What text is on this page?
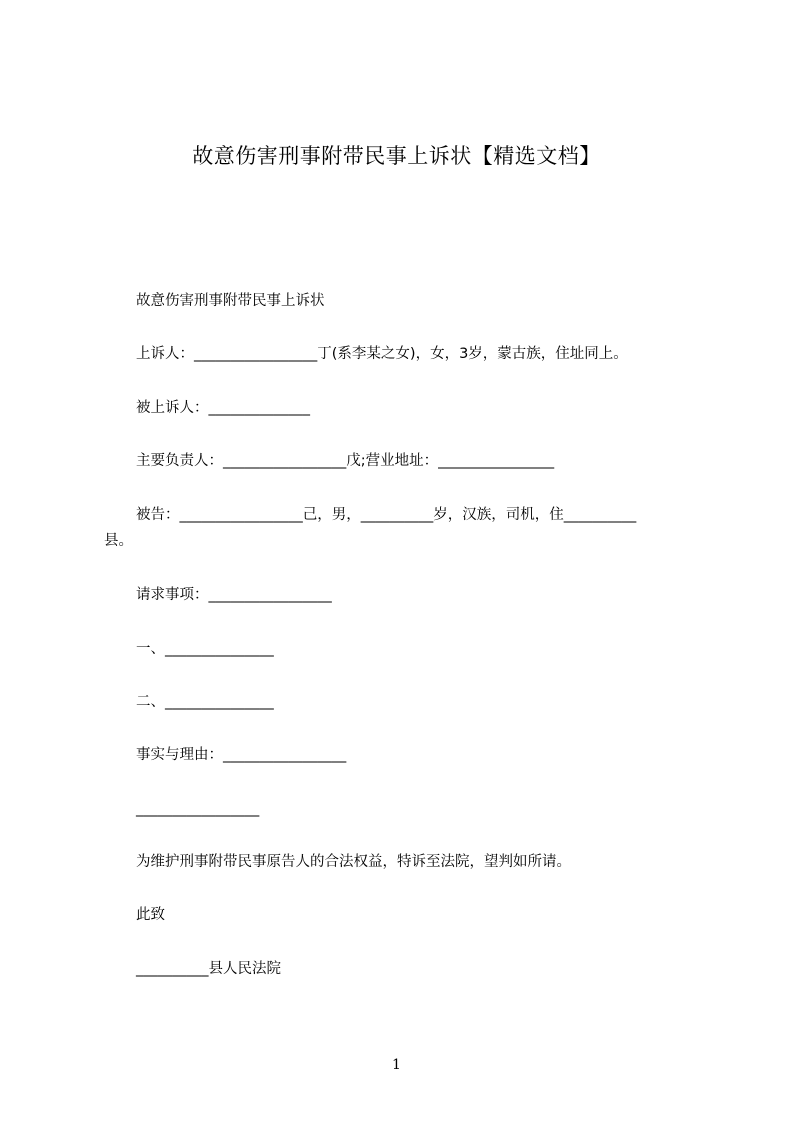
故意伤害刑事附带民事上诉状【精选文档】

故意伤害刑事附带民事上诉状

上诉人：_________________丁(系李某之女)，女，3岁，蒙古族，住址同上。

被上诉人：______________

主要负责人：_________________戊;营业地址：________________

被告：_________________己，男，__________岁，汉族，司机，住__________
县。

请求事项：_________________

一、_______________

二、_______________

事实与理由：_________________

_________________

为维护刑事附带民事原告人的合法权益，特诉至法院，望判如所请。

此致

__________县人民法院

1
